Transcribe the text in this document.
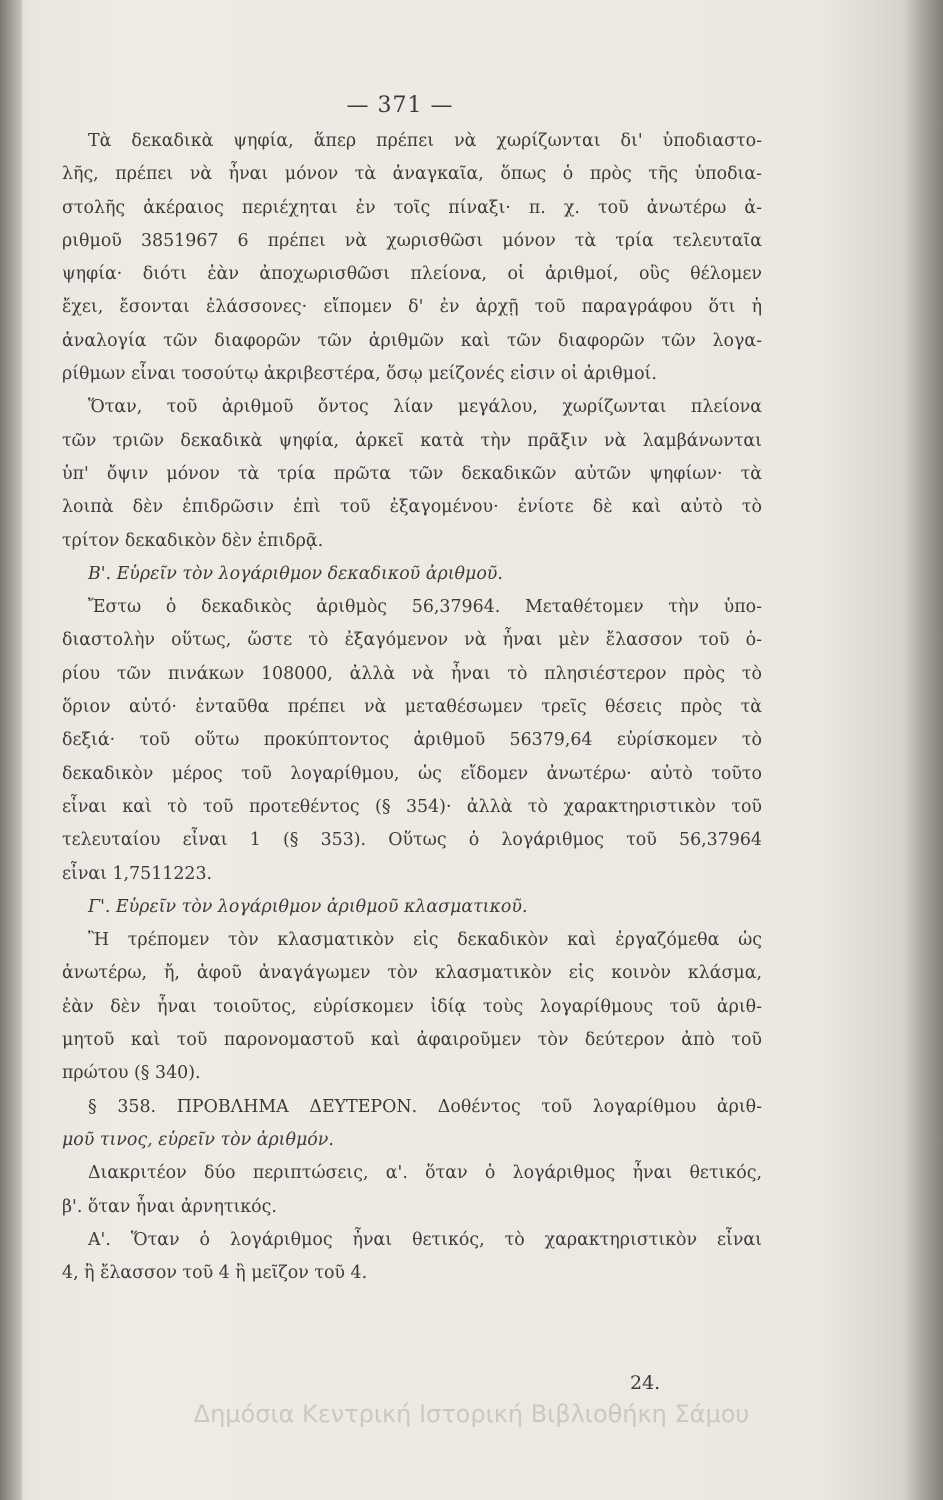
— 371 —
Τὰ δεκαδικὰ ψηφία, ἅπερ πρέπει νὰ χωρίζωνται δι' ὑποδιαστο-
λῆς, πρέπει νὰ ἦναι μόνον τὰ ἀναγκαῖα, ὅπως ὁ πρὸς τῆς ὑποδια-
στολῆς ἀκέραιος περιέχηται ἐν τοῖς πίναξι· π. χ. τοῦ ἀνωτέρω ἀ-
ριθμοῦ 3851967 6 πρέπει νὰ χωρισθῶσι μόνον τὰ τρία τελευταῖα
ψηφία· διότι ἐὰν ἀποχωρισθῶσι πλείονα, οἱ ἀριθμοί, οὓς θέλομεν
ἔχει, ἔσονται ἐλάσσονες· εἴπομεν δ' ἐν ἀρχῇ τοῦ παραγράφου ὅτι ἡ
ἀναλογία τῶν διαφορῶν τῶν ἀριθμῶν καὶ τῶν διαφορῶν τῶν λογα-
ρίθμων εἶναι τοσούτῳ ἀκριβεστέρα, ὅσῳ μείζονές εἰσιν οἱ ἀριθμοί.
Ὅταν, τοῦ ἀριθμοῦ ὄντος λίαν μεγάλου, χωρίζωνται πλείονα
τῶν τριῶν δεκαδικὰ ψηφία, ἀρκεῖ κατὰ τὴν πρᾶξιν νὰ λαμβάνωνται
ὑπ' ὄψιν μόνον τὰ τρία πρῶτα τῶν δεκαδικῶν αὐτῶν ψηφίων· τὰ
λοιπὰ δὲν ἐπιδρῶσιν ἐπὶ τοῦ ἐξαγομένου· ἐνίοτε δὲ καὶ αὐτὸ τὸ
τρίτον δεκαδικὸν δὲν ἐπιδρᾷ.
Β'. Εὑρεῖν τὸν λογάριθμον δεκαδικοῦ ἀριθμοῦ.
Ἔστω ὁ δεκαδικὸς ἀριθμὸς 56,37964. Μεταθέτομεν τὴν ὑπο-
διαστολὴν οὕτως, ὥστε τὸ ἐξαγόμενον νὰ ἦναι μὲν ἔλασσον τοῦ ὁ-
ρίου τῶν πινάκων 108000, ἀλλὰ νὰ ἦναι τὸ πλησιέστερον πρὸς τὸ
ὅριον αὐτό· ἐνταῦθα πρέπει νὰ μεταθέσωμεν τρεῖς θέσεις πρὸς τὰ
δεξιά· τοῦ οὕτω προκύπτοντος ἀριθμοῦ 56379,64 εὑρίσκομεν τὸ
δεκαδικὸν μέρος τοῦ λογαρίθμου, ὡς εἴδομεν ἀνωτέρω· αὐτὸ τοῦτο
εἶναι καὶ τὸ τοῦ προτεθέντος (§ 354)· ἀλλὰ τὸ χαρακτηριστικὸν τοῦ
τελευταίου εἶναι 1 (§ 353). Οὕτως ὁ λογάριθμος τοῦ 56,37964
εἶναι 1,7511223.
Γ'. Εὑρεῖν τὸν λογάριθμον ἀριθμοῦ κλασματικοῦ.
Ἢ τρέπομεν τὸν κλασματικὸν εἰς δεκαδικὸν καὶ ἐργαζόμεθα ὡς
ἀνωτέρω, ἤ, ἀφοῦ ἀναγάγωμεν τὸν κλασματικὸν εἰς κοινὸν κλάσμα,
ἐὰν δὲν ἦναι τοιοῦτος, εὑρίσκομεν ἰδίᾳ τοὺς λογαρίθμους τοῦ ἀριθ-
μητοῦ καὶ τοῦ παρονομαστοῦ καὶ ἀφαιροῦμεν τὸν δεύτερον ἀπὸ τοῦ
πρώτου (§ 340).
§ 358. ΠΡΟΒΛΗΜΑ ΔΕΥΤΕΡΟΝ. Δοθέντος τοῦ λογαρίθμου ἀριθ-
μοῦ τινος, εὑρεῖν τὸν ἀριθμόν.
Διακριτέον δύο περιπτώσεις, α'. ὅταν ὁ λογάριθμος ἦναι θετικός,
β'. ὅταν ἦναι ἀρνητικός.
Α'. Ὅταν ὁ λογάριθμος ἦναι θετικός, τὸ χαρακτηριστικὸν εἶναι
4, ἢ ἔλασσον τοῦ 4 ἢ μεῖζον τοῦ 4.
24.
Δημόσια Κεντρική Ιστορική Βιβλιοθήκη Σάμου
